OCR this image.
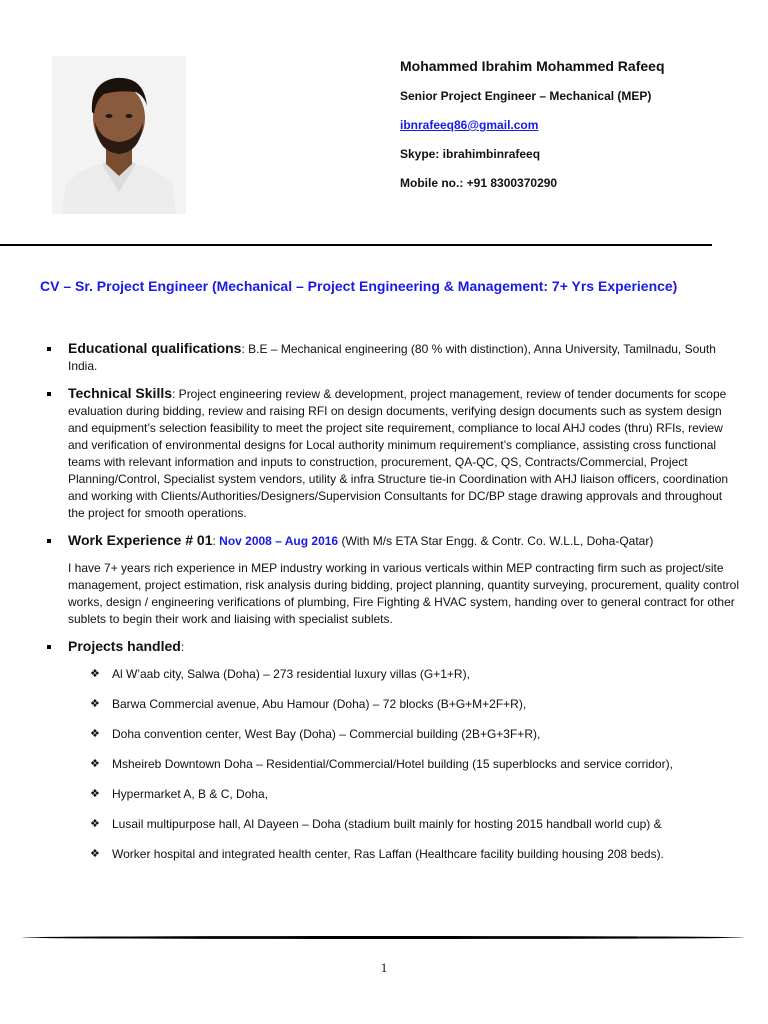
Mohammed Ibrahim Mohammed Rafeeq
Senior Project Engineer – Mechanical (MEP)
ibnrafeeq86@gmail.com
Skype: ibrahimbinrafeeq
Mobile no.: +91 8300370290
CV – Sr. Project Engineer (Mechanical – Project Engineering & Management: 7+ Yrs Experience)
Educational qualifications: B.E – Mechanical engineering (80 % with distinction), Anna University, Tamilnadu, South India.
Technical Skills: Project engineering review & development, project management, review of tender documents for scope evaluation during bidding, review and raising RFI on design documents, verifying design documents such as system design and equipment’s selection feasibility to meet the project site requirement, compliance to local AHJ codes (thru) RFIs, review and verification of environmental designs for Local authority minimum requirement’s compliance, assisting cross functional teams with relevant information and inputs to construction, procurement, QA-QC, QS, Contracts/Commercial, Project Planning/Control, Specialist system vendors, utility & infra Structure tie-in Coordination with AHJ liaison officers, coordination and working with Clients/Authorities/Designers/Supervision Consultants for DC/BP stage drawing approvals and throughout the project for smooth operations.
Work Experience # 01: Nov 2008 – Aug 2016 (With M/s ETA Star Engg. & Contr. Co. W.L.L, Doha-Qatar)
I have 7+ years rich experience in MEP industry working in various verticals within MEP contracting firm such as project/site management, project estimation, risk analysis during bidding, project planning, quantity surveying, procurement, quality control works, design / engineering verifications of plumbing, Fire Fighting & HVAC system, handing over to general contract for other sublets to begin their work and liaising with specialist sublets.
Projects handled:
❖ Al W’aab city, Salwa (Doha) – 273 residential luxury villas (G+1+R),
❖ Barwa Commercial avenue, Abu Hamour (Doha) – 72 blocks (B+G+M+2F+R),
❖ Doha convention center, West Bay (Doha) – Commercial building (2B+G+3F+R),
❖ Msheireb Downtown Doha – Residential/Commercial/Hotel building (15 superblocks and service corridor),
❖ Hypermarket A, B & C, Doha,
❖ Lusail multipurpose hall, Al Dayeen – Doha (stadium built mainly for hosting 2015 handball world cup) &
❖ Worker hospital and integrated health center, Ras Laffan (Healthcare facility building housing 208 beds).
1
